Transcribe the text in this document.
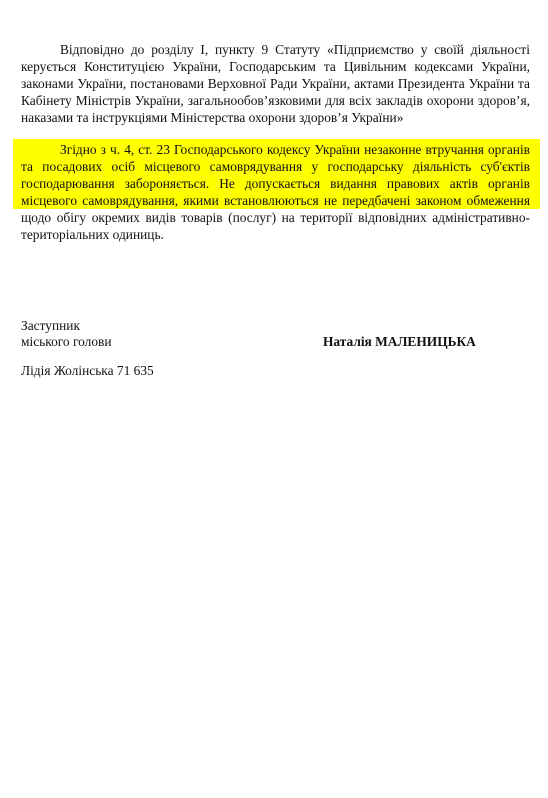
Відповідно до розділу І, пункту 9 Статуту «Підприємство у своїй діяльності керується Конституцією України, Господарським та Цивільним кодексами України, законами України, постановами Верховної Ради України, актами Президента України та Кабінету Міністрів України, загальнообов’язковими для всіх закладів охорони здоров’я, наказами та інструкціями Міністерства охорони здоров’я України»

Згідно з ч. 4, ст. 23 Господарського кодексу України незаконне втручання органів та посадових осіб місцевого самоврядування у господарську діяльність суб'єктів господарювання забороняється. Не допускається видання правових актів органів місцевого самоврядування, якими встановлюються не передбачені законом обмеження щодо обігу окремих видів товарів (послуг) на території відповідних адміністративно-територіальних одиниць.

Заступник

міського голови	Наталія МАЛЕНИЦЬКА

Лідія Жолінська 71 635
